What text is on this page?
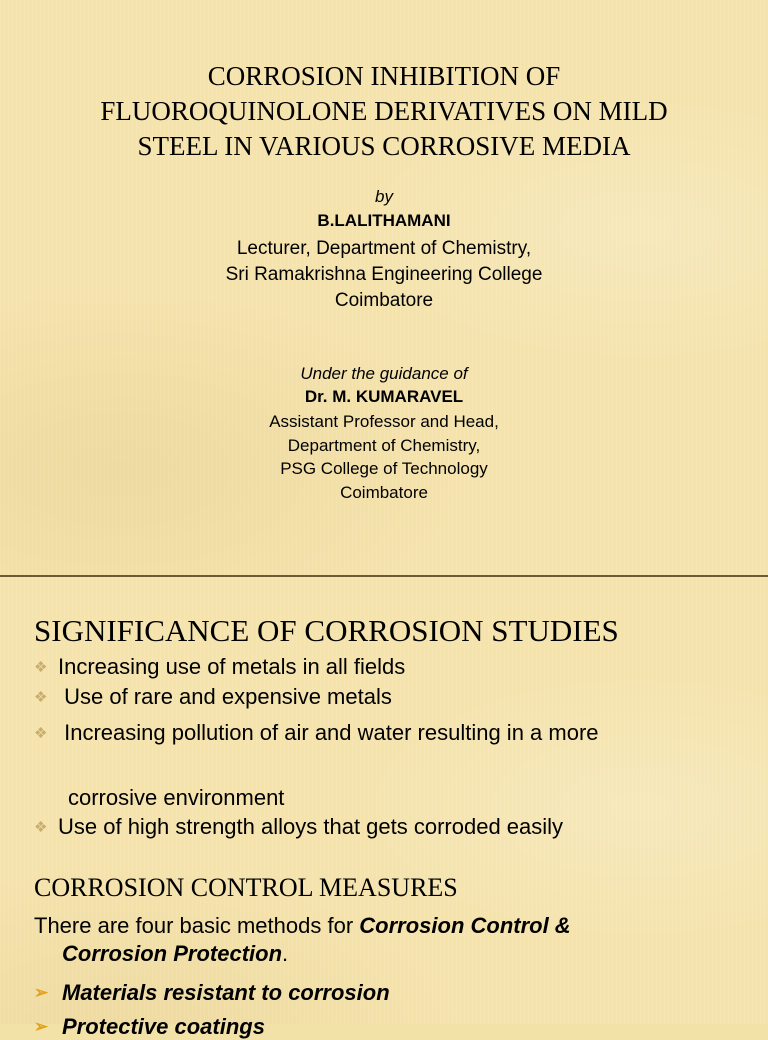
CORROSION INHIBITION OF
FLUOROQUINOLONE DERIVATIVES ON MILD
STEEL IN VARIOUS CORROSIVE MEDIA
by
B.LALITHAMANI
Lecturer, Department of Chemistry,
Sri Ramakrishna Engineering College
Coimbatore
Under the guidance of
Dr. M. KUMARAVEL
Assistant Professor and Head,
Department of Chemistry,
PSG College of Technology
Coimbatore
SIGNIFICANCE OF CORROSION STUDIES
❖ Increasing use of metals in all fields
❖ Use of rare and expensive metals
❖ Increasing pollution of air and water resulting in a more
corrosive environment
❖ Use of high strength alloys that gets corroded easily
CORROSION CONTROL MEASURES
There are four basic methods for Corrosion Control &
Corrosion Protection.
➢ Materials resistant to corrosion
➢ Protective coatings
